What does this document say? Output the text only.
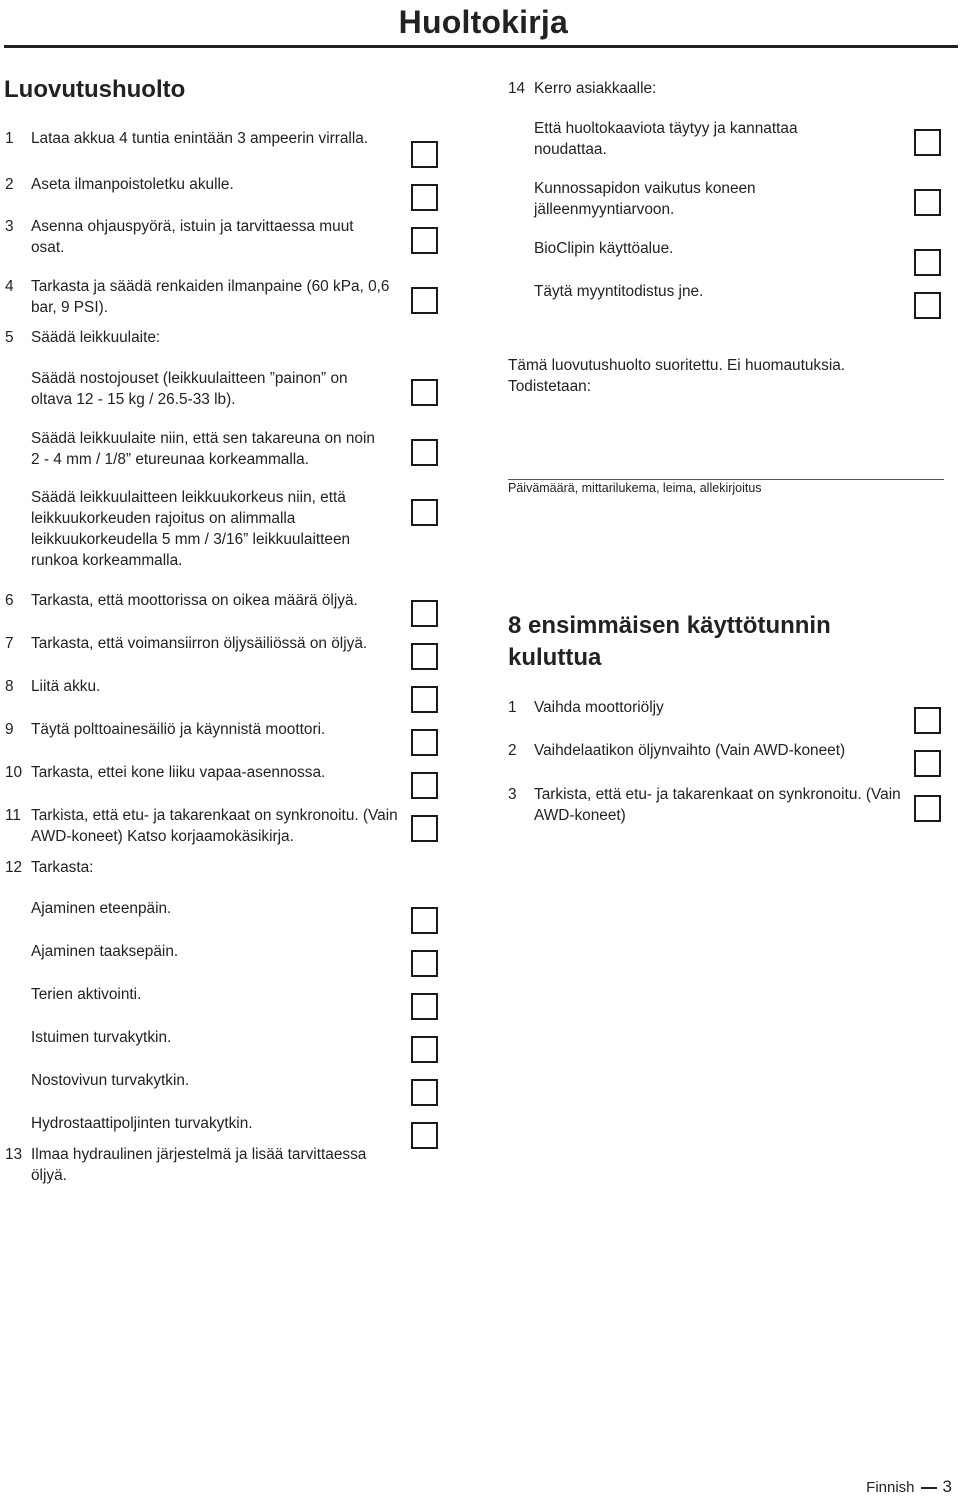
Huoltokirja
Luovutushuolto
1 Lataa akkua 4 tuntia enintään 3 ampeerin virralla.
2 Aseta ilmanpoistoletku akulle.
3 Asenna ohjauspyörä, istuin ja tarvittaessa muut osat.
4 Tarkasta ja säädä renkaiden ilmanpaine (60 kPa, 0,6 bar, 9 PSI).
5 Säädä leikkuulaite:
Säädä nostojouset (leikkuulaitteen ”painon” on oltava 12 - 15 kg / 26.5-33 lb).
Säädä leikkuulaite niin, että sen takareuna on noin 2 - 4 mm / 1/8” etureunaa korkeammalla.
Säädä leikkuulaitteen leikkuukorkeus niin, että leikkuukorkeuden rajoitus on alimmalla leikkuukorkeudella 5 mm / 3/16” leikkuulaitteen runkoa korkeammalla.
6 Tarkasta, että moottorissa on oikea määrä öljyä.
7 Tarkasta, että voimansiirron öljysäiliössä on öljyä.
8 Liitä akku.
9 Täytä polttoainesäiliö ja käynnistä moottori.
10 Tarkasta, ettei kone liiku vapaa-asennossa.
11 Tarkista, että etu- ja takarenkaat on synkronoitu. (Vain AWD-koneet) Katso korjaamokäsikirja.
12 Tarkasta:
Ajaminen eteenpäin.
Ajaminen taaksepäin.
Terien aktivointi.
Istuimen turvakytkin.
Nostovivun turvakytkin.
Hydrostaattipoljinten turvakytkin.
13 Ilmaa hydraulinen järjestelmä ja lisää tarvittaessa öljyä.
14 Kerro asiakkaalle:
Että huoltokaaviota täytyy ja kannattaa noudattaa.
Kunnossapidon vaikutus koneen jälleenmyyntiarvoon.
BioClipin käyttöalue.
Täytä myyntitodistus jne.
Tämä luovutushuolto suoritettu. Ei huomautuksia. Todistetaan:
Päivämäärä, mittarilukema, leima, allekirjoitus
8 ensimmäisen käyttötunnin kuluttua
1 Vaihda moottoriöljy
2 Vaihdelaatikon öljynvaihto (Vain AWD-koneet)
3 Tarkista, että etu- ja takarenkaat on synkronoitu. (Vain AWD-koneet)
Finnish 3
